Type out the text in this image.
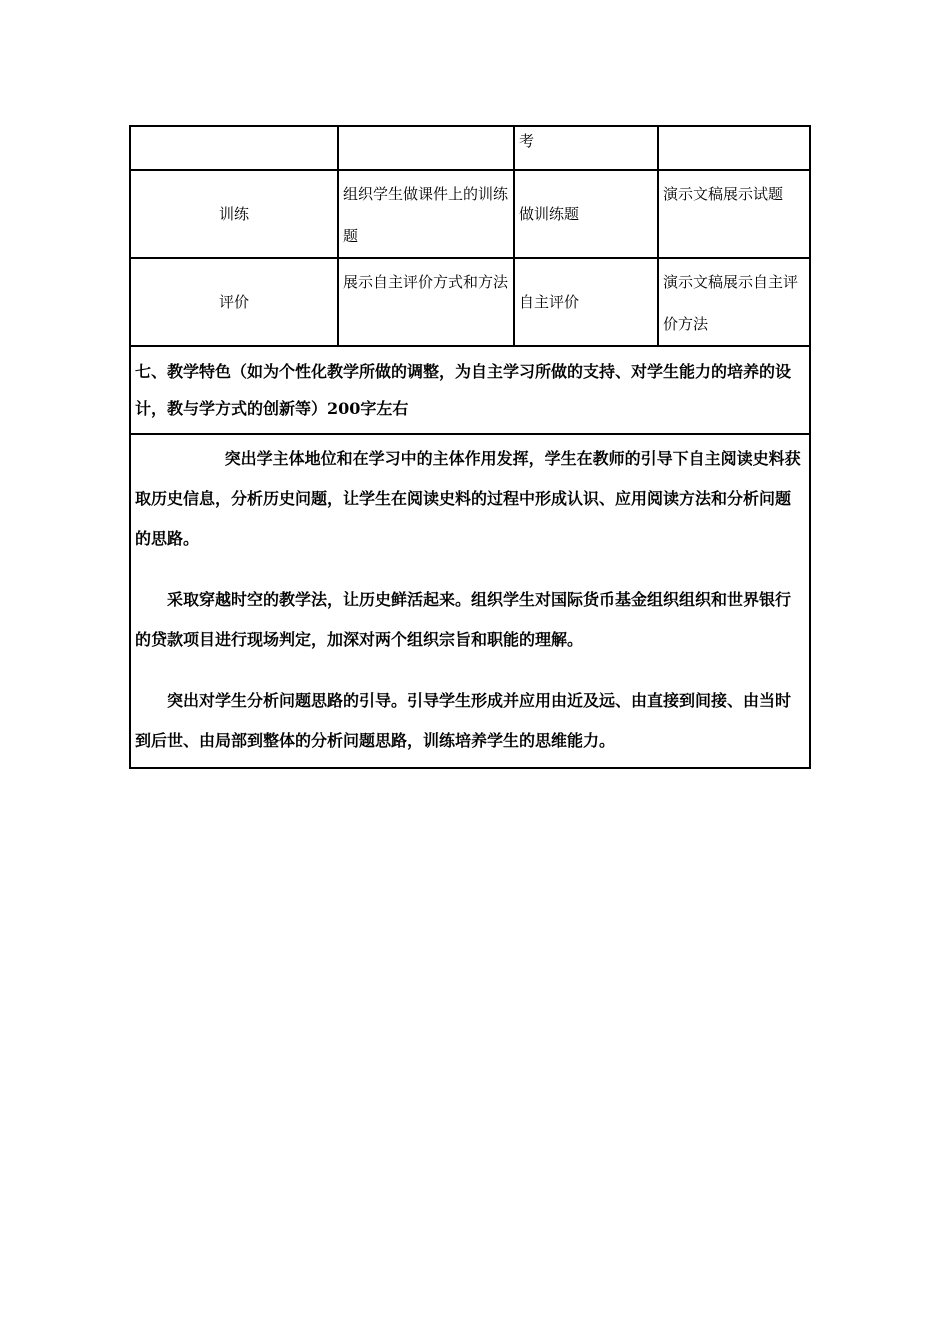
		考	
训练	组织学生做课件上的训练题	做训练题	演示文稿展示试题

评价	展示自主评价方式和方法	自主评价	演示文稿展示自主评价方法

七、教学特色（如为个性化教学所做的调整，为自主学习所做的支持、对学生能力的培养的设计，教与学方式的创新等）200字左右			

突出学主体地位和在学习中的主体作用发挥，学生在教师的引导下自主阅读史料获取历史信息，分析历史问题，让学生在阅读史料的过程中形成认识、应用阅读方法和分析问题的思路。

采取穿越时空的教学法，让历史鲜活起来。组织学生对国际货币基金组织组织和世界银行的贷款项目进行现场判定，加深对两个组织宗旨和职能的理解。

突出对学生分析问题思路的引导。引导学生形成并应用由近及远、由直接到间接、由当时到后世、由局部到整体的分析问题思路，训练培养学生的思维能力。			
